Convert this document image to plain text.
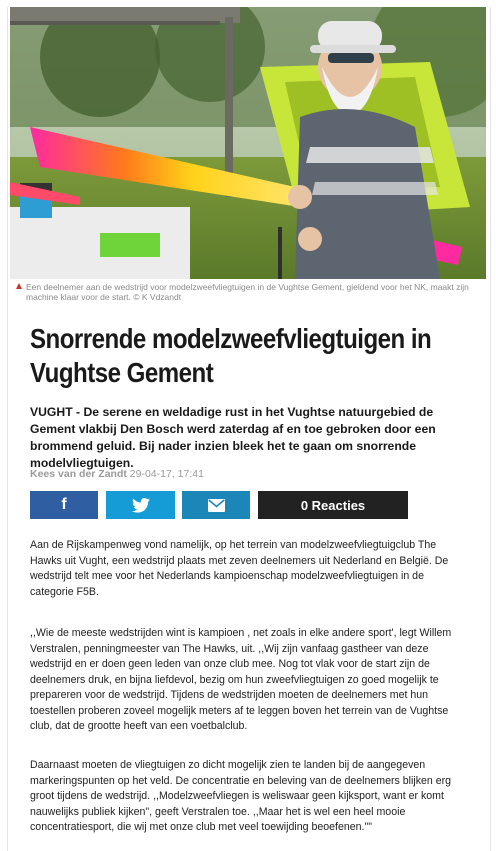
Een deelnemer aan de wedstrijd voor modelzweefvliegtuigen in de Vughtse Gement, gieldend voor het NK, maakt zijn machine klaar voor de start. © K Vdzandt
Snorrende modelzweefvliegtuigen in Vughtse Gement
VUGHT - De serene en weldadige rust in het Vughtse natuurgebied de Gement vlakbij Den Bosch werd zaterdag af en toe gebroken door een brommend geluid. Bij nader inzien bleek het te gaan om snorrende modelvliegtuigen.
Kees van der Zandt 29-04-17, 17:41
f	0 Reacties

Aan de Rijskampenweg vond namelijk, op het terrein van modelzweefvliegtuigclub The Hawks uit Vught, een wedstrijd plaats met zeven deelnemers uit Nederland en België. De wedstrijd telt mee voor het Nederlands kampioenschap modelzweefvliegtuigen in de categorie F5B.

,,Wie de meeste wedstrijden wint is kampioen , net zoals in elke andere sport', legt Willem Verstralen, penningmeester van The Hawks, uit. ,,Wij zijn vanfaag gastheer van deze wedstrijd en er doen geen leden van onze club mee. Nog tot vlak voor de start zijn de deelnemers druk, en bijna liefdevol, bezig om hun zweefvliegtuigen zo goed mogelijk te prepareren voor de wedstrijd. Tijdens de wedstrijden moeten de deelnemers met hun toestellen proberen zoveel mogelijk meters af te leggen boven het terrein van de Vughtse club, dat de grootte heeft van een voetbalclub.

Daarnaast moeten de vliegtuigen zo dicht mogelijk zien te landen bij de aangegeven markeringspunten op het veld. De concentratie en beleving van de deelnemers blijken erg groot tijdens de wedstrijd. ,,Modelzweefvliegen is weliswaar geen kijksport, want er komt nauwelijks publiek kijken", geeft Verstralen toe. ,,Maar het is wel een heel mooie concentratiesport, die wij met onze club met veel toewijding beoefenen.""
